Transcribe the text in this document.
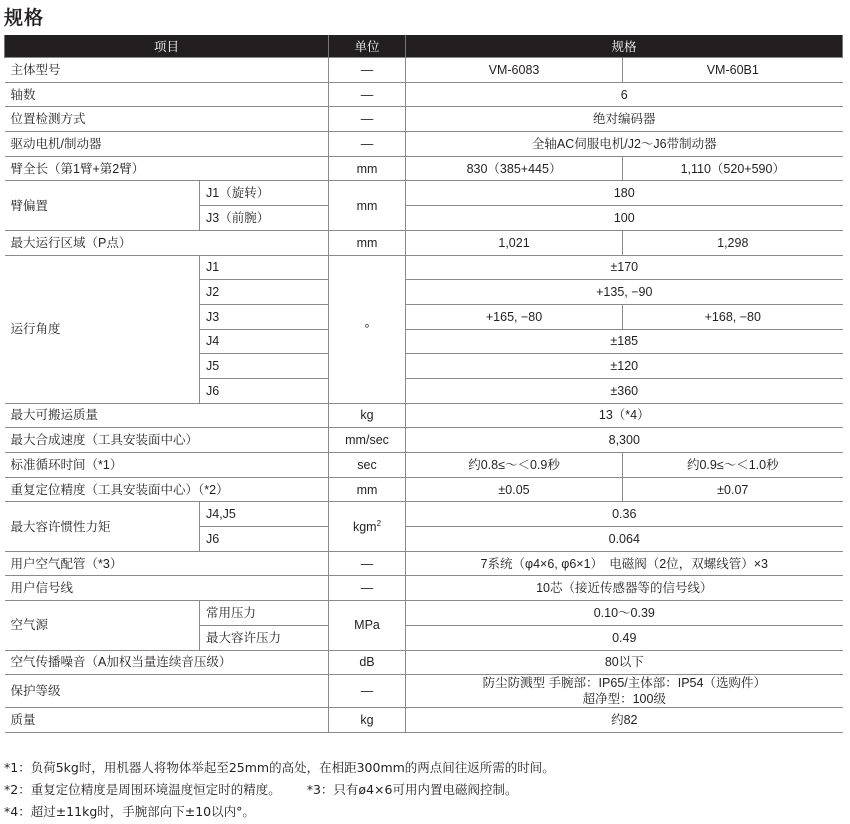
规格
项目		单位	规格	
主体型号		—	VM-6083	VM-60B1
轴数		—	6	
位置检测方式		—	绝对编码器	
驱动电机/制动器		—	全轴AC伺服电机/J2～J6带制动器	
臂全长（第1臂+第2臂）		mm	830（385+445）	1,110（520+590）
臂偏置	J1（旋转）	mm	180	
	J3（前腕）		100	
最大运行区域（P点）		mm	1,021	1,298
运行角度	J1	°	±170	
	J2		+135, −90	
	J3		+165, −80	+168, −80
	J4		±185	
	J5		±120	
	J6		±360	
最大可搬运质量		kg	13（*4）	
最大合成速度（工具安装面中心）		mm/sec	8,300	
标准循环时间（*1）		sec	约0.8≤～＜0.9秒	约0.9≤～＜1.0秒
重复定位精度（工具安装面中心）（*2）		mm	±0.05	±0.07
最大容许惯性力矩	J4,J5	kgm$^2$	0.36	
	J6		0.064	
用户空气配管（*3）		—	7系统（φ4×6, φ6×1）　电磁阀（2位，双螺线管）×3	
用户信号线		—	10芯（接近传感器等的信号线）	
空气源	常用压力	MPa	0.10～0.39	
	最大容许压力		0.49	
空气传播噪音（A加权当量连续音压级）		dB	80以下	
保护等级		—	防尘防溅型 手腕部：IP65/主体部：IP54（选购件）
超净型：100级	

质量		kg	约82	
*1：负荷5kg时，用机器人将物体举起至25mm的高处，在相距300mm的两点间往返所需的时间。
*2：重复定位精度是周围环境温度恒定时的精度。 *3：只有ø4×6可用内置电磁阀控制。
*4：超过±11kg时，手腕部向下±10以内°。
